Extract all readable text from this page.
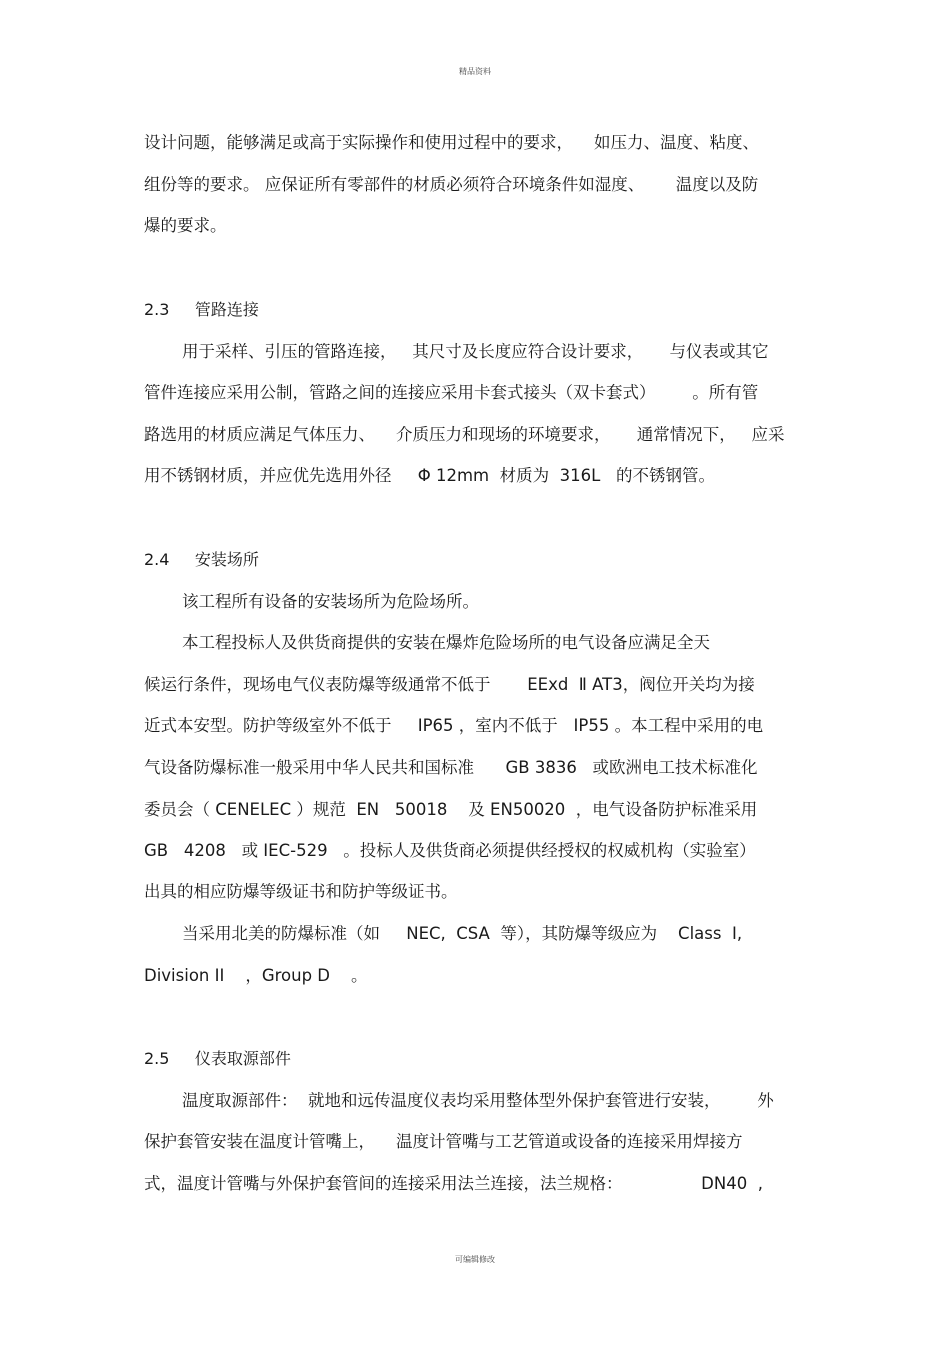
精品资料
设计问题，能够满足或高于实际操作和使用过程中的要求，    如压力、温度、粘度、
组份等的要求。 应保证所有零部件的材质必须符合环境条件如湿度、      温度以及防
爆的要求。
2.3     管路连接
用于采样、引压的管路连接，   其尺寸及长度应符合设计要求，     与仪表或其它
管件连接应采用公制，管路之间的连接应采用卡套式接头（双卡套式）       。所有管
路选用的材质应满足气体压力、    介质压力和现场的环境要求，     通常情况下，   应采
用不锈钢材质，并应优先选用外径     Φ 12mm  材质为  316L   的不锈钢管。
2.4     安装场所
该工程所有设备的安装场所为危险场所。
本工程投标人及供货商提供的安装在爆炸危险场所的电气设备应满足全天
候运行条件，现场电气仪表防爆等级通常不低于       EExd  Ⅱ AT3，阀位开关均为接
近式本安型。防护等级室外不低于     IP65 ，室内不低于   IP55 。本工程中采用的电
气设备防爆标准一般采用中华人民共和国标准      GB 3836   或欧洲电工技术标准化
委员会（ CENELEC ）规范  EN   50018    及 EN50020  ，电气设备防护标准采用
GB   4208   或 IEC-529   。投标人及供货商必须提供经授权的权威机构（实验室）
出具的相应防爆等级证书和防护等级证书。
当采用北美的防爆标准（如     NEC,  CSA  等），其防爆等级应为    Class  Ⅰ,
Division II    ，Group D    。
2.5     仪表取源部件
温度取源部件：  就地和远传温度仪表均采用整体型外保护套管进行安装，       外
保护套管安装在温度计管嘴上，    温度计管嘴与工艺管道或设备的连接采用焊接方
式，温度计管嘴与外保护套管间的连接采用法兰连接，法兰规格：               DN40  ,
可编辑修改
